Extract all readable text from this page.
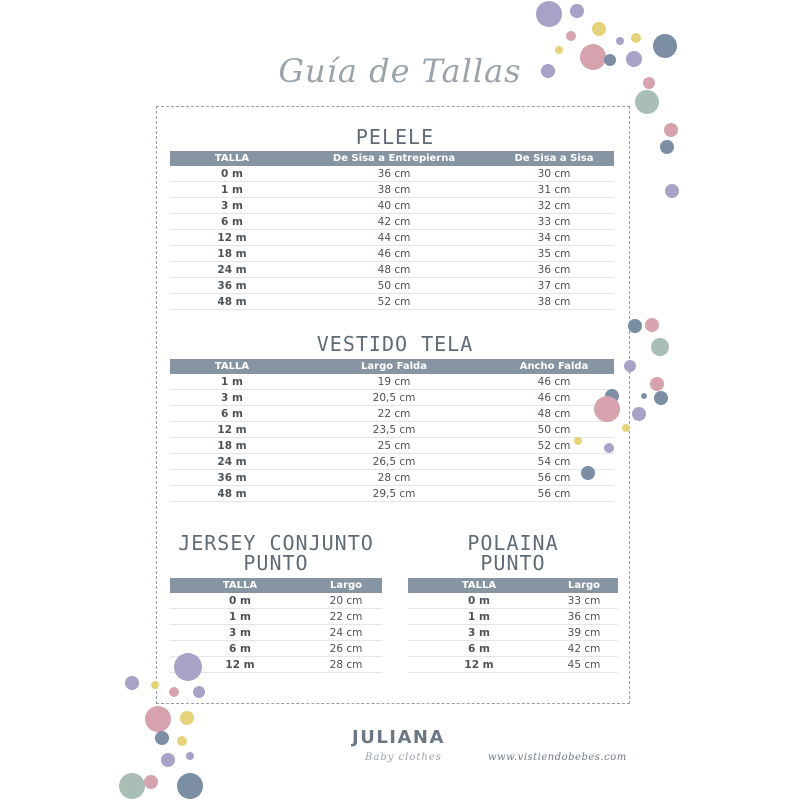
Guía de Tallas
PELELE
TALLA	De Sisa a Entrepierna	De Sisa a Sisa
0 m	36 cm	30 cm
1 m	38 cm	31 cm
3 m	40 cm	32 cm
6 m	42 cm	33 cm
12 m	44 cm	34 cm
18 m	46 cm	35 cm
24 m	48 cm	36 cm
36 m	50 cm	37 cm
48 m	52 cm	38 cm
VESTIDO TELA
TALLA	Largo Falda	Ancho Falda
1 m	19 cm	46 cm
3 m	20,5 cm	46 cm
6 m	22 cm	48 cm
12 m	23,5 cm	50 cm
18 m	25 cm	52 cm
24 m	26,5 cm	54 cm
36 m	28 cm	56 cm
48 m	29,5 cm	56 cm
JERSEY CONJUNTO
PUNTO
TALLA	Largo
0 m	20 cm
1 m	22 cm
3 m	24 cm
6 m	26 cm
12 m	28 cm
POLAINA
PUNTO
TALLA	Largo
0 m	33 cm
1 m	36 cm
3 m	39 cm
6 m	42 cm
12 m	45 cm
JULIANA
Baby clothes	www.vistiendobebes.com
